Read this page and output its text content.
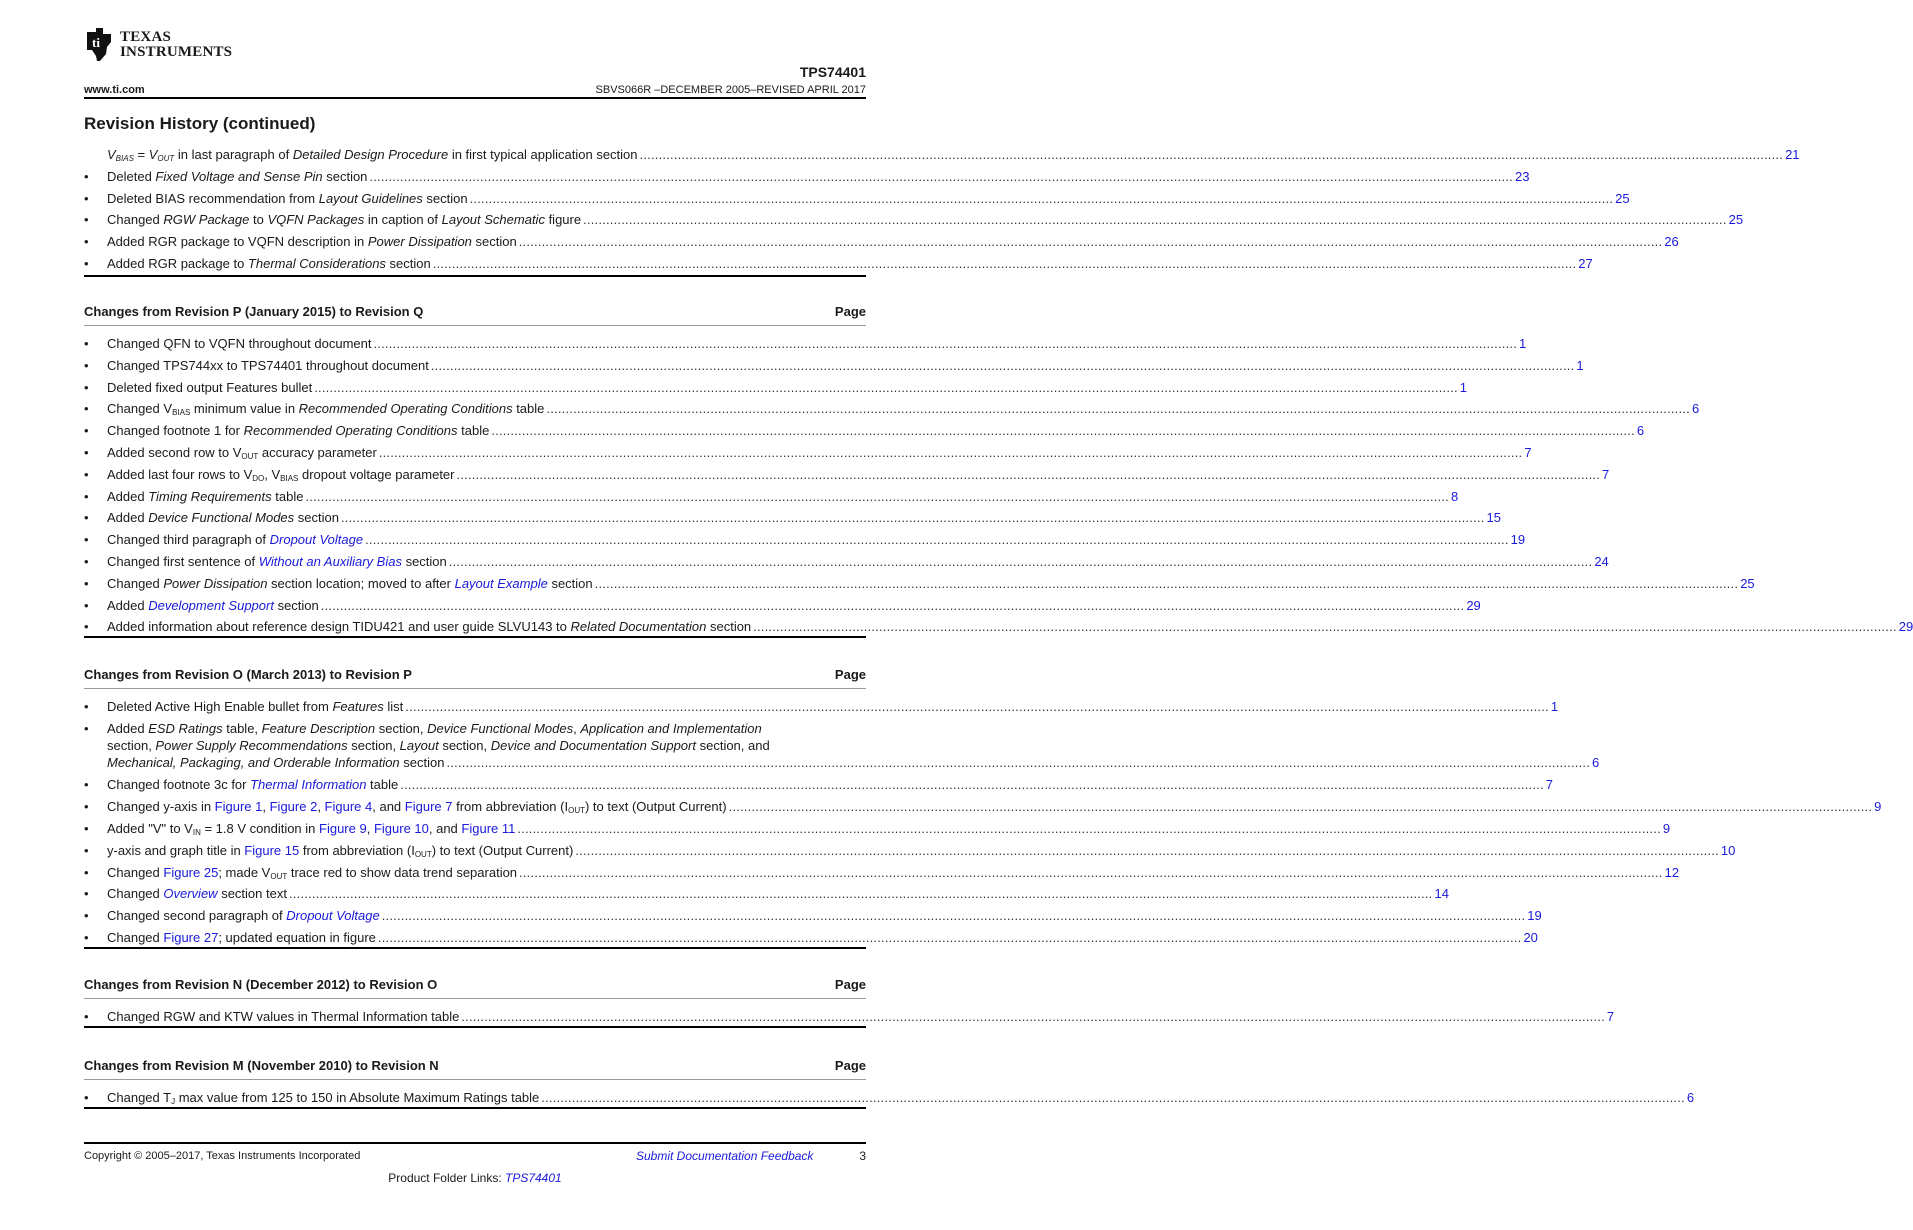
ti TEXAS
INSTRUMENTS
TPS74401
www.ti.com	SBVS066R –DECEMBER 2005–REVISED APRIL 2017
Revision History (continued)
$V_{BIAS} = V_{OUT}$ in last paragraph of Detailed Design Procedure in first typical application section ............................................................................................................................................................................................................................................................................................................ 21
•	Deleted Fixed Voltage and Sense Pin section ............................................................................................................................................................................................................................................................................................................ 23
•	Deleted BIAS recommendation from Layout Guidelines section ............................................................................................................................................................................................................................................................................................................ 25
•	Changed RGW Package to VQFN Packages in caption of Layout Schematic figure ............................................................................................................................................................................................................................................................................................................ 25
•	Added RGR package to VQFN description in Power Dissipation section ............................................................................................................................................................................................................................................................................................................ 26
•	Added RGR package to Thermal Considerations section ............................................................................................................................................................................................................................................................................................................ 27
Changes from Revision P (January 2015) to Revision Q	Page
•	Changed QFN to VQFN throughout document ............................................................................................................................................................................................................................................................................................................ 1
•	Changed TPS744xx to TPS74401 throughout document ............................................................................................................................................................................................................................................................................................................ 1
•	Deleted fixed output Features bullet ............................................................................................................................................................................................................................................................................................................ 1
•	Changed $V_{BIAS}$ minimum value in Recommended Operating Conditions table ............................................................................................................................................................................................................................................................................................................ 6
•	Changed footnote 1 for Recommended Operating Conditions table ............................................................................................................................................................................................................................................................................................................ 6
•	Added second row to $V_{OUT}$ accuracy parameter ............................................................................................................................................................................................................................................................................................................ 7
•	Added last four rows to $V_{DO}$, $V_{BIAS}$ dropout voltage parameter ............................................................................................................................................................................................................................................................................................................ 7
•	Added Timing Requirements table ............................................................................................................................................................................................................................................................................................................ 8
•	Added Device Functional Modes section ............................................................................................................................................................................................................................................................................................................ 15
•	Changed third paragraph of Dropout Voltage ............................................................................................................................................................................................................................................................................................................ 19
•	Changed first sentence of Without an Auxiliary Bias section ............................................................................................................................................................................................................................................................................................................ 24
•	Changed Power Dissipation section location; moved to after Layout Example section ............................................................................................................................................................................................................................................................................................................ 25
•	Added Development Support section ............................................................................................................................................................................................................................................................................................................ 29
•	Added information about reference design TIDU421 and user guide SLVU143 to Related Documentation section ............................................................................................................................................................................................................................................................................................................ 29
Changes from Revision O (March 2013) to Revision P	Page
•	Deleted Active High Enable bullet from Features list ............................................................................................................................................................................................................................................................................................................ 1
•	Added ESD Ratings table, Feature Description section, Device Functional Modes, Application and Implementation
section, Power Supply Recommendations section, Layout section, Device and Documentation Support section, and
Mechanical, Packaging, and Orderable Information section ............................................................................................................................................................................................................................................................................................................ 6
•	Changed footnote 3c for Thermal Information table ............................................................................................................................................................................................................................................................................................................ 7
•	Changed y-axis in Figure 1, Figure 2, Figure 4, and Figure 7 from abbreviation $(I_{OUT})$ to text (Output Current) ............................................................................................................................................................................................................................................................................................................ 9
•	Added "V" to $V_{IN} = 1.8$ V condition in Figure 9, Figure 10, and Figure 11 ............................................................................................................................................................................................................................................................................................................ 9
•	y-axis and graph title in Figure 15 from abbreviation $(I_{OUT})$ to text (Output Current) ............................................................................................................................................................................................................................................................................................................ 10
•	Changed Figure 25; made $V_{OUT}$ trace red to show data trend separation ............................................................................................................................................................................................................................................................................................................ 12
•	Changed Overview section text ............................................................................................................................................................................................................................................................................................................ 14
•	Changed second paragraph of Dropout Voltage ............................................................................................................................................................................................................................................................................................................ 19
•	Changed Figure 27; updated equation in figure ............................................................................................................................................................................................................................................................................................................ 20
Changes from Revision N (December 2012) to Revision O	Page
•	Changed RGW and KTW values in Thermal Information table ............................................................................................................................................................................................................................................................................................................ 7
Changes from Revision M (November 2010) to Revision N	Page
•	Changed $T_J$ max value from 125 to 150 in Absolute Maximum Ratings table ............................................................................................................................................................................................................................................................................................................ 6
Copyright © 2005–2017, Texas Instruments Incorporated	Submit Documentation Feedback	3
Product Folder Links: TPS74401
